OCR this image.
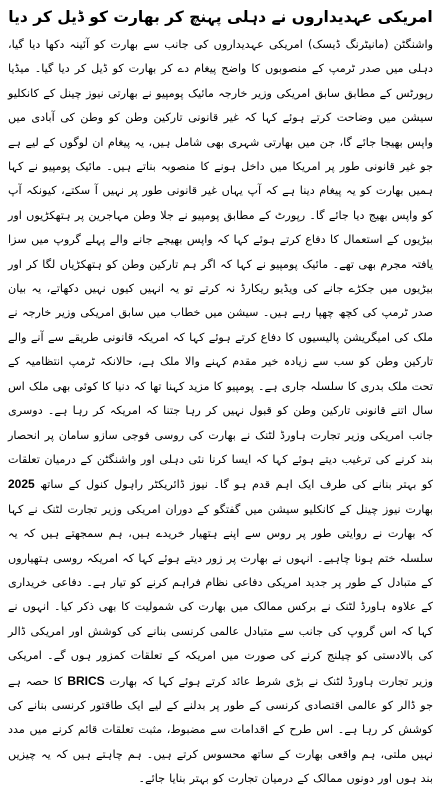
امریکی عہدیداروں نے دہلی پہنچ کر بھارت کو ڈیل کر دیا

واشنگٹن (مانیٹرنگ ڈیسک) امریکی عہدیداروں کی جانب سے بھارت کو آئینہ دکھا دیا گیا، دہلی میں صدر ٹرمپ کے منصوبوں کا واضح پیغام دے کر بھارت کو ڈیل کر دیا گیا۔ میڈیا رپورٹس کے مطابق سابق امریکی وزیر خارجہ مائیک پومپیو نے بھارتی نیوز چینل کے کانکلیو سیشن میں وضاحت کرتے ہوئے کہا کہ غیر قانونی تارکین وطن کو وطن کی آبادی میں واپس بھیجا جائے گا، جن میں بھارتی شہری بھی شامل ہیں، یہ پیغام ان لوگوں کے لیے ہے جو غیر قانونی طور پر امریکا میں داخل ہونے کا منصوبہ بناتے ہیں۔ مائیک پومپیو نے کہا ہمیں بھارت کو یہ پیغام دینا ہے کہ آپ یہاں غیر قانونی طور پر نہیں آ سکتے، کیونکہ آپ کو واپس بھیج دیا جائے گا۔ رپورٹ کے مطابق پومپیو نے جلا وطن مہاجرین پر ہتھکڑیوں اور بیڑیوں کے استعمال کا دفاع کرتے ہوئے کہا کہ واپس بھیجے جانے والے پہلے گروپ میں سزا یافتہ مجرم بھی تھے۔ مائیک پومپیو نے کہا کہ اگر ہم تارکین وطن کو ہتھکڑیاں لگا کر اور بیڑیوں میں جکڑے جانے کی ویڈیو ریکارڈ نہ کرتے تو یہ انہیں کیوں نہیں دکھاتے، یہ بیان صدر ٹرمپ کی کچھ چھپا رہے ہیں۔ سیشن میں خطاب میں سابق امریکی وزیر خارجہ نے ملک کی امیگریشن پالیسیوں کا دفاع کرتے ہوئے کہا کہ امریکہ قانونی طریقے سے آنے والے تارکین وطن کو سب سے زیادہ خیر مقدم کہنے والا ملک ہے، حالانکہ ٹرمپ انتظامیہ کے تحت ملک بدری کا سلسلہ جاری ہے۔ پومپیو کا مزید کہنا تھا کہ دنیا کا کوئی بھی ملک اس سال اتنے قانونی تارکین وطن کو قبول نہیں کر رہا جتنا کہ امریکہ کر رہا ہے۔ دوسری جانب امریکی وزیر تجارت ہاورڈ لٹنک نے بھارت کی روسی فوجی سازو سامان پر انحصار بند کرنے کی ترغیب دیتے ہوئے کہا کہ ایسا کرنا نئی دہلی اور واشنگٹن کے درمیان تعلقات کو بہتر بنانے کی طرف ایک اہم قدم ہو گا۔ نیوز ڈائریکٹر راہول کنول کے ساتھ 2025 بھارت نیوز چینل کے کانکلیو سیشن میں گفتگو کے دوران امریکی وزیر تجارت لٹنک نے کہا کہ بھارت نے روایتی طور پر روس سے اپنے ہتھیار خریدے ہیں، ہم سمجھتے ہیں کہ یہ سلسلہ ختم ہونا چاہیے۔ انہوں نے بھارت پر زور دیتے ہوئے کہا کہ امریکہ روسی ہتھیاروں کے متبادل کے طور پر جدید امریکی دفاعی نظام فراہم کرنے کو تیار ہے۔ دفاعی خریداری کے علاوہ ہاورڈ لٹنک نے برکس ممالک میں بھارت کی شمولیت کا بھی ذکر کیا۔ انہوں نے کہا کہ اس گروپ کی جانب سے متبادل عالمی کرنسی بنانے کی کوشش اور امریکی ڈالر کی بالادستی کو چیلنج کرنے کی صورت میں امریکہ کے تعلقات کمزور ہوں گے۔ امریکی وزیر تجارت ہاورڈ لٹنک نے بڑی شرط عائد کرتے ہوئے کہا کہ بھارت BRICS کا حصہ ہے جو ڈالر کو عالمی اقتصادی کرنسی کے طور پر بدلنے کے لیے ایک طاقتور کرنسی بنانے کی کوشش کر رہا ہے۔ اس طرح کے اقدامات سے مضبوط، مثبت تعلقات قائم کرنے میں مدد نہیں ملتی، ہم واقعی بھارت کے ساتھ محسوس کرتے ہیں۔ ہم چاہتے ہیں کہ یہ چیزیں بند ہوں اور دونوں ممالک کے درمیان تجارت کو بہتر بنایا جائے۔
